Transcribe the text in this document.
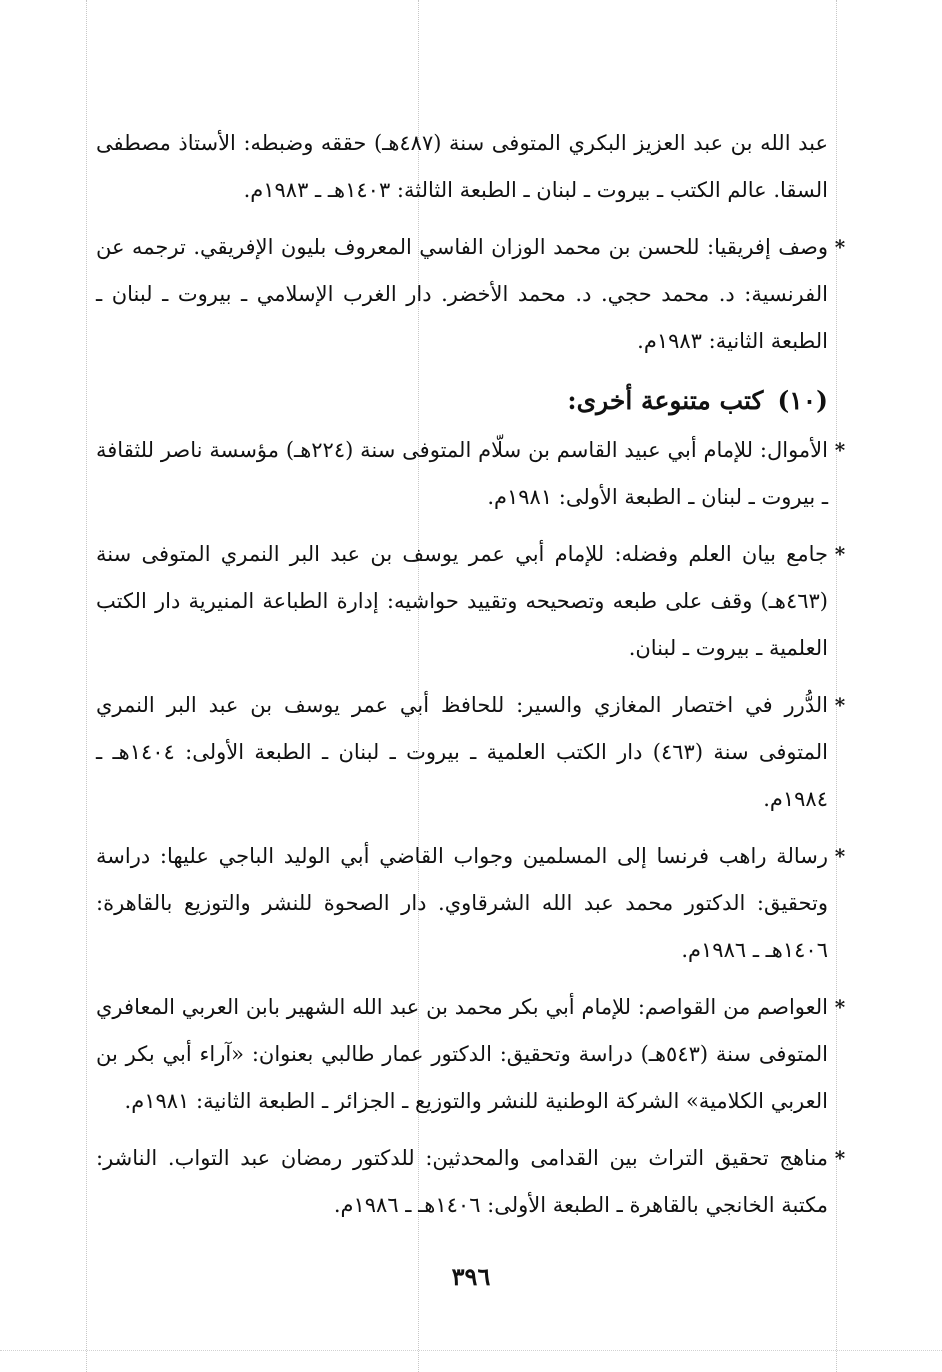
عبد الله بن عبد العزيز البكري المتوفى سنة (٤٨٧هـ) حققه وضبطه: الأستاذ مصطفى السقا. عالم الكتب ـ بيروت ـ لبنان ـ الطبعة الثالثة: ١٤٠٣هـ ـ ١٩٨٣م.

*

وصف إفريقيا: للحسن بن محمد الوزان الفاسي المعروف بليون الإفريقي. ترجمه عن الفرنسية: د. محمد حجي. د. محمد الأخضر. دار الغرب الإسلامي ـ بيروت ـ لبنان ـ الطبعة الثانية: ١٩٨٣م.

(١٠)كتب متنوعة أخرى:
*

الأموال: للإمام أبي عبيد القاسم بن سلّام المتوفى سنة (٢٢٤هـ) مؤسسة ناصر للثقافة ـ بيروت ـ لبنان ـ الطبعة الأولى: ١٩٨١م.

*

جامع بيان العلم وفضله: للإمام أبي عمر يوسف بن عبد البر النمري المتوفى سنة (٤٦٣هـ) وقف على طبعه وتصحيحه وتقييد حواشيه: إدارة الطباعة المنيرية دار الكتب العلمية ـ بيروت ـ لبنان.

*

الدُّرر في اختصار المغازي والسير: للحافظ أبي عمر يوسف بن عبد البر النمري المتوفى سنة (٤٦٣) دار الكتب العلمية ـ بيروت ـ لبنان ـ الطبعة الأولى: ١٤٠٤هـ ـ ١٩٨٤م.

*

رسالة راهب فرنسا إلى المسلمين وجواب القاضي أبي الوليد الباجي عليها: دراسة وتحقيق: الدكتور محمد عبد الله الشرقاوي. دار الصحوة للنشر والتوزيع بالقاهرة: ١٤٠٦هـ ـ ١٩٨٦م.

*

العواصم من القواصم: للإمام أبي بكر محمد بن عبد الله الشهير بابن العربي المعافري المتوفى سنة (٥٤٣هـ) دراسة وتحقيق: الدكتور عمار طالبي بعنوان: «آراء أبي بكر بن العربي الكلامية» الشركة الوطنية للنشر والتوزيع ـ الجزائر ـ الطبعة الثانية: ١٩٨١م.

*

مناهج تحقيق التراث بين القدامى والمحدثين: للدكتور رمضان عبد التواب. الناشر: مكتبة الخانجي بالقاهرة ـ الطبعة الأولى: ١٤٠٦هـ ـ ١٩٨٦م.

٣٩٦
